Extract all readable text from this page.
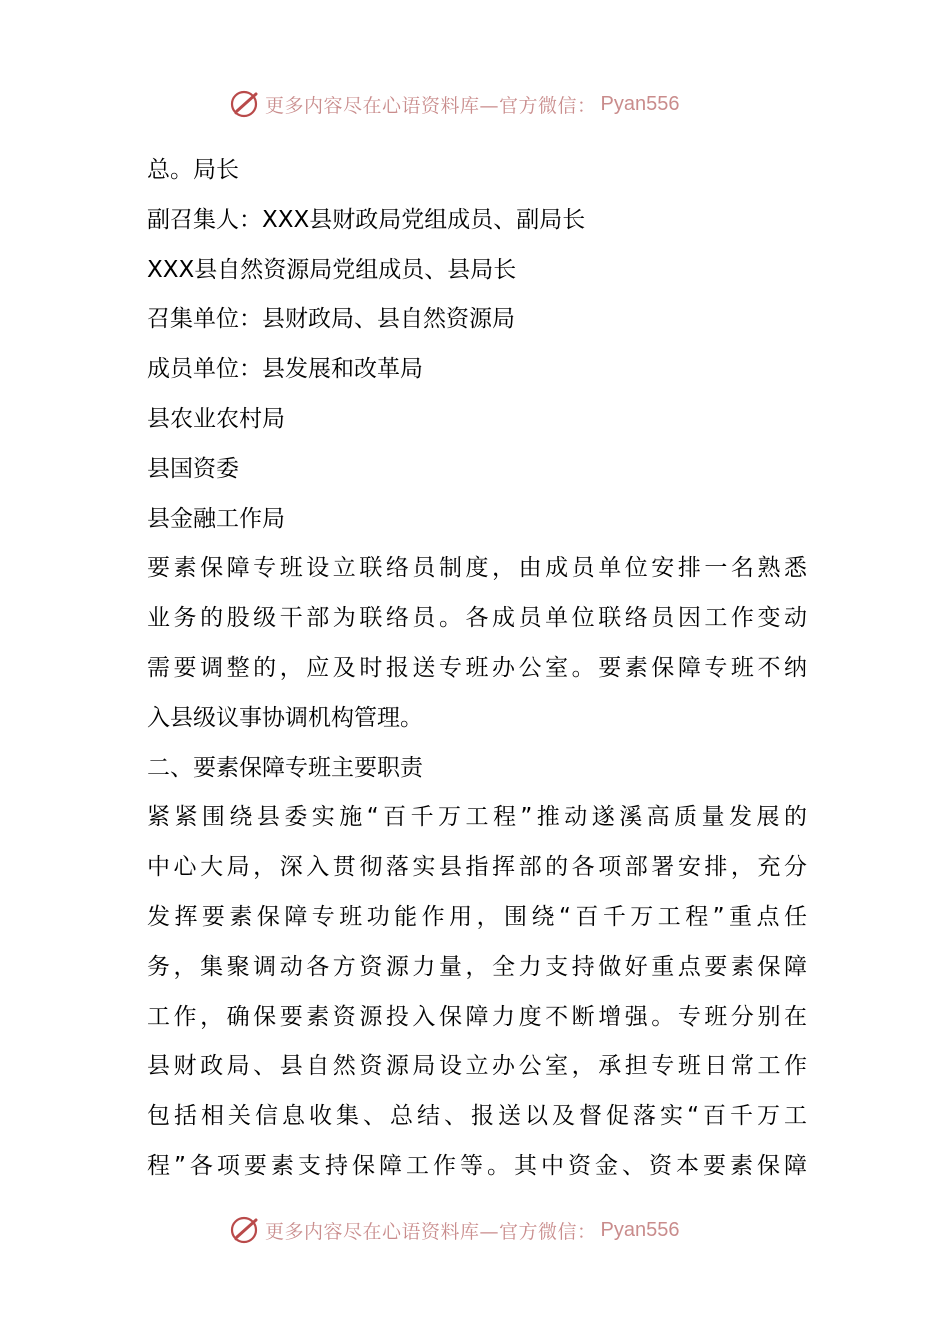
更多内容尽在心语资料库—官方微信： Pyan556
总。局长
副召集人：XXX县财政局党组成员、副局长
XXX县自然资源局党组成员、县局长
召集单位：县财政局、县自然资源局
成员单位：县发展和改革局
县农业农村局
县国资委
县金融工作局
要素保障专班设立联络员制度，由成员单位安排一名熟悉
业务的股级干部为联络员。各成员单位联络员因工作变动
需要调整的，应及时报送专班办公室。要素保障专班不纳
入县级议事协调机构管理。
二、要素保障专班主要职责
紧紧围绕县委实施“百千万工程”推动遂溪高质量发展的
中心大局，深入贯彻落实县指挥部的各项部署安排，充分
发挥要素保障专班功能作用，围绕“百千万工程”重点任
务，集聚调动各方资源力量，全力支持做好重点要素保障
工作，确保要素资源投入保障力度不断增强。专班分别在
县财政局、县自然资源局设立办公室，承担专班日常工作
包括相关信息收集、总结、报送以及督促落实“百千万工
程”各项要素支持保障工作等。其中资金、资本要素保障
更多内容尽在心语资料库—官方微信： Pyan556
